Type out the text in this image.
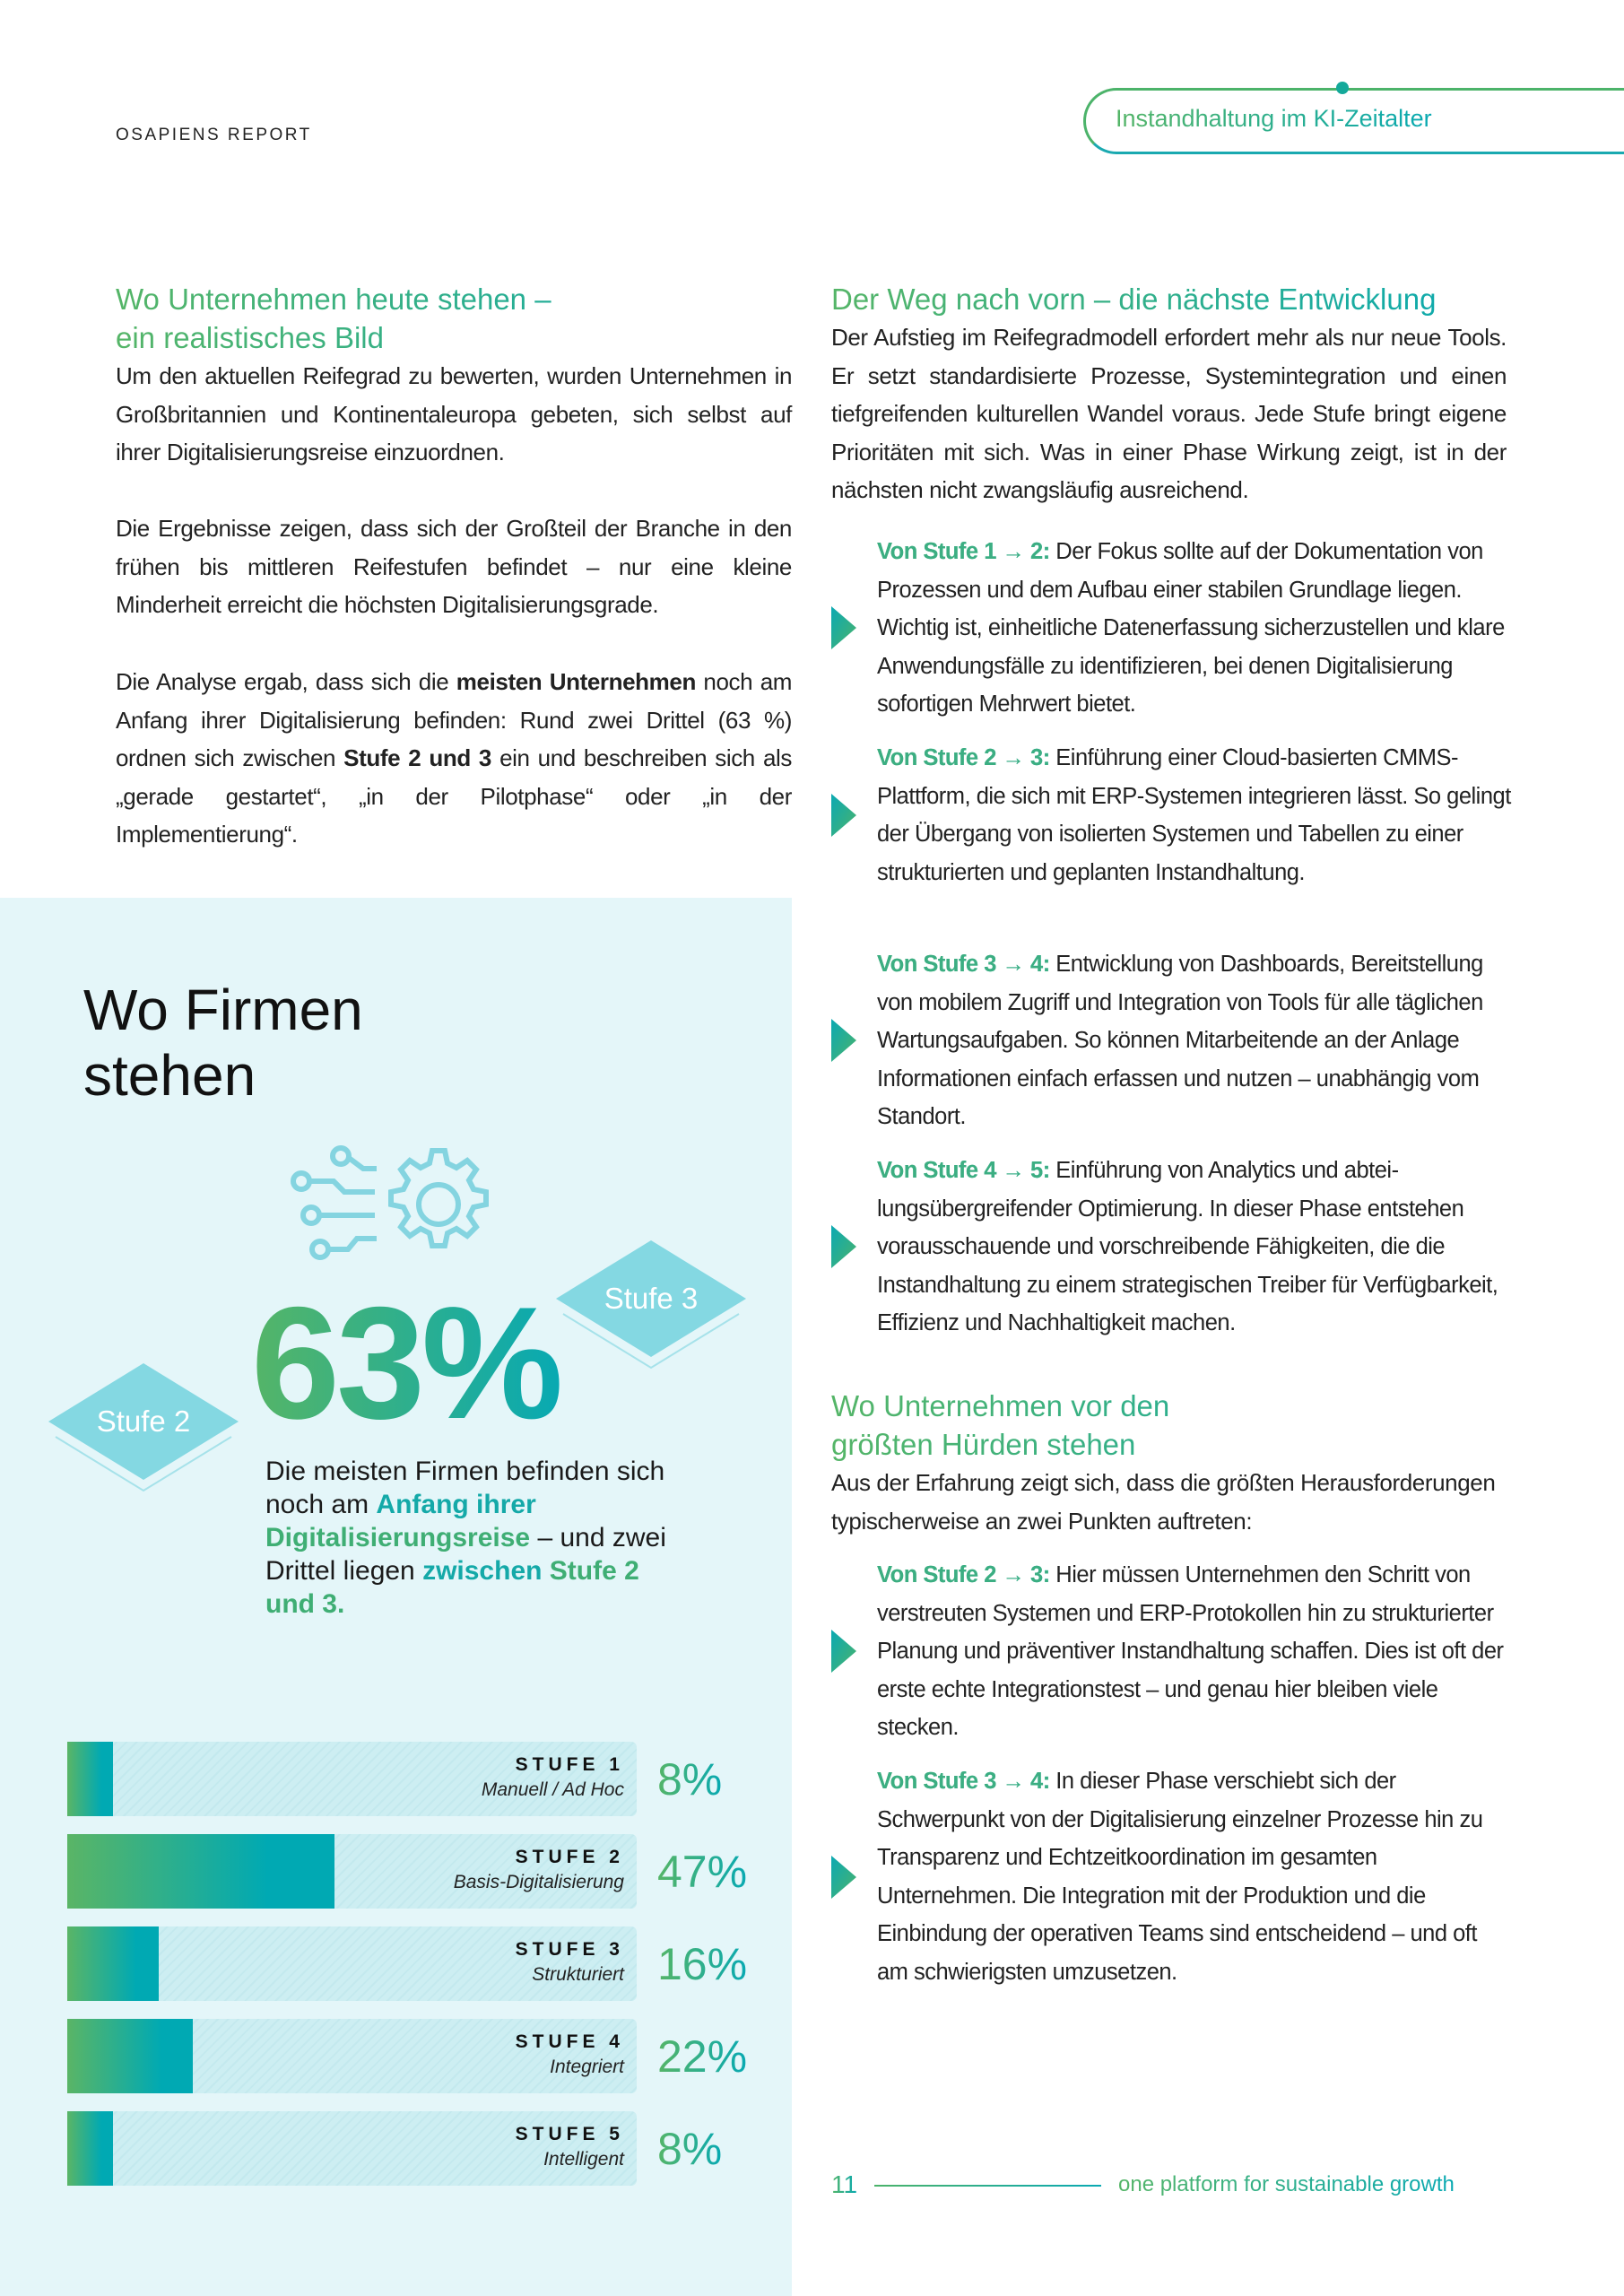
OSAPIENS REPORT
Instandhaltung im KI-Zeitalter
Wo Unternehmen heute stehen –
ein realistisches Bild

Um den aktuellen Reifegrad zu bewerten, wurden Unternehmen in Großbritannien und Kontinentaleuropa gebeten, sich selbst auf ihrer Digitalisierungsreise einzuordnen.

Die Ergebnisse zeigen, dass sich der Großteil der Branche in den frühen bis mittleren Reifestufen befindet – nur eine kleine Minderheit erreicht die höchsten Digitalisierungsgrade.

Die Analyse ergab, dass sich die meisten Unternehmen noch am Anfang ihrer Digitalisierung befinden: Rund zwei Drittel (63 %) ordnen sich zwischen Stufe 2 und 3 ein und beschreiben sich als „gerade gestartet“, „in der Pilotphase“ oder „in der Implementierung“.

Wo Firmen
stehen
Stufe 2
Stufe 3
63%
Die meisten Firmen befinden sich noch am Anfang ihrer Digitalisierungsreise – und zwei Drittel liegen zwischen Stufe 2 und 3.
STUFE 1
Manuell / Ad Hoc 8%
STUFE 2
Basis-Digitalisierung 47%
STUFE 3
Strukturiert 16%
STUFE 4
Integriert 22%
STUFE 5
Intelligent 8%
Der Weg nach vorn – die nächste Entwicklung

Der Aufstieg im Reifegradmodell erfordert mehr als nur neue Tools. Er setzt standardisierte Prozesse, Systemintegration und einen tiefgreifenden kulturellen Wandel voraus. Jede Stufe bringt eigene Prioritäten mit sich. Was in einer Phase Wirkung zeigt, ist in der nächsten nicht zwangsläufig ausreichend.

Von Stufe 1 → 2: Der Fokus sollte auf der Dokumentation von Prozessen und dem Aufbau einer stabilen Grundlage liegen. Wichtig ist, einheitliche Datenerfassung sicherzustellen und klare Anwendungsfälle zu identifizieren, bei denen Digitalisierung sofortigen Mehrwert bietet.
Von Stufe 2 → 3: Einführung einer Cloud-basierten CMMS-Plattform, die sich mit ERP-Systemen integrieren lässt. So gelingt der Übergang von isolierten Systemen und Tabellen zu einer strukturierten und geplanten Instandhaltung.
Von Stufe 3 → 4: Entwicklung von Dashboards, Bereitstellung von mobilem Zugriff und Integration von Tools für alle täglichen Wartungsaufgaben. So können Mitarbeitende an der Anlage Informationen einfach erfassen und nutzen – unabhängig vom Standort.
Von Stufe 4 → 5: Einführung von Analytics und abteilungsübergreifender Optimierung. In dieser Phase entstehen vorausschauende und vorschreibende Fähigkeiten, die die Instandhaltung zu einem strategischen Treiber für Verfügbarkeit, Effizienz und Nachhaltigkeit machen.
Wo Unternehmen vor den
größten Hürden stehen

Aus der Erfahrung zeigt sich, dass die größten Herausforderungen typischerweise an zwei Punkten auftreten:

Von Stufe 2 → 3: Hier müssen Unternehmen den Schritt von verstreuten Systemen und ERP-Protokollen hin zu strukturierter Planung und präventiver Instandhaltung schaffen. Dies ist oft der erste echte Integrationstest – und genau hier bleiben viele stecken.
Von Stufe 3 → 4: In dieser Phase verschiebt sich der Schwerpunkt von der Digitalisierung einzelner Prozesse hin zu Transparenz und Echtzeitkoordination im gesamten Unternehmen. Die Integration mit der Produktion und die Einbindung der operativen Teams sind entscheidend – und oft am schwierigsten umzusetzen.
11	one platform for sustainable growth
